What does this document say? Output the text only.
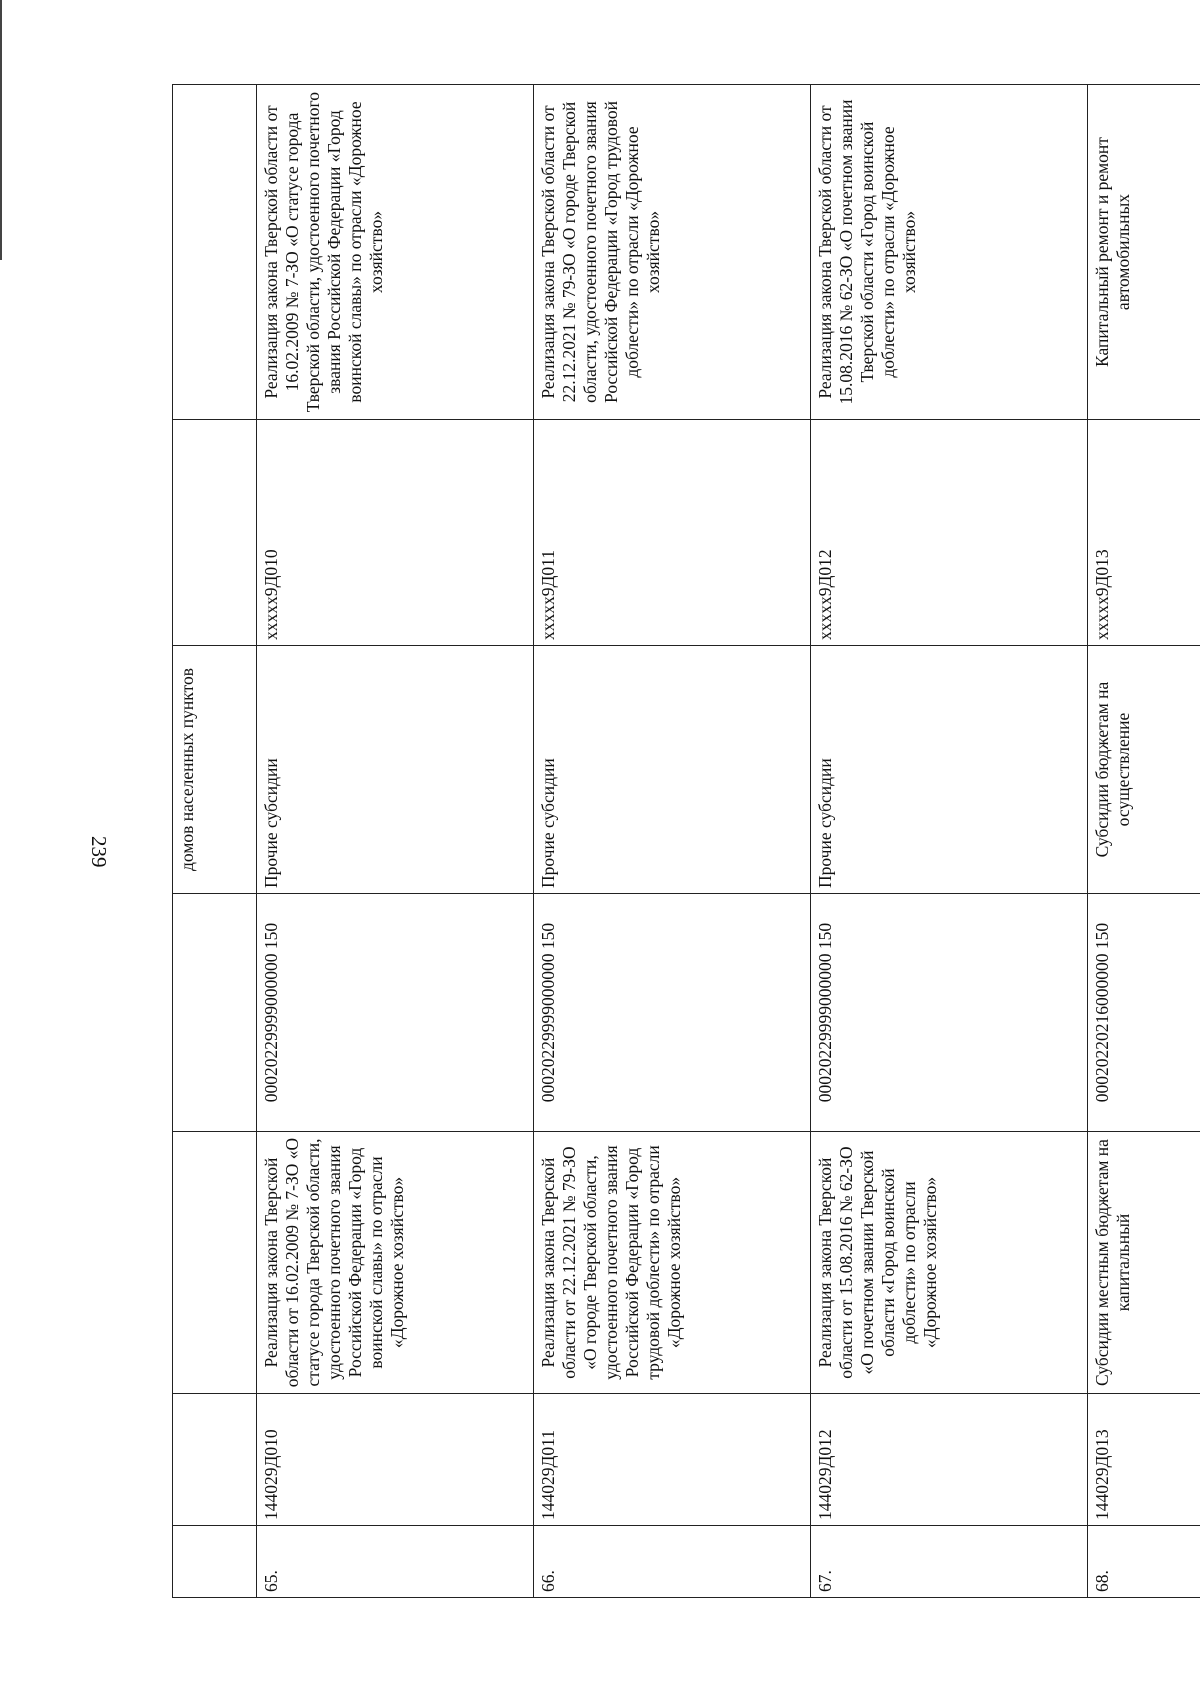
239
					домов населенных пунктов		
65.	144029Д010	Реализация закона Тверской области от 16.02.2009 № 7-ЗО «О статусе города Тверской области, удостоенного почетного звания Российской Федерации «Город воинской славы» по отрасли «Дорожное хозяйство»	00020229999000000 150	Прочие субсидии	xxxxx9Д010	Реализация закона Тверской области от 16.02.2009 № 7-ЗО «О статусе города Тверской области, удостоенного почетного звания Российской Федерации «Город воинской славы» по отрасли «Дорожное хозяйство»
66.	144029Д011	Реализация закона Тверской области от 22.12.2021 № 79-ЗО «О городе Тверской области, удостоенного почетного звания Российской Федерации «Город трудовой доблести» по отрасли «Дорожное хозяйство»	00020229999000000 150	Прочие субсидии	xxxxx9Д011	Реализация закона Тверской области от 22.12.2021 № 79-ЗО «О городе Тверской области, удостоенного почетного звания Российской Федерации «Город трудовой доблести» по отрасли «Дорожное хозяйство»
67.	144029Д012	Реализация закона Тверской области от 15.08.2016 № 62-ЗО «О почетном звании Тверской области «Город воинской доблести» по отрасли «Дорожное хозяйство»	00020229999000000 150	Прочие субсидии	xxxxx9Д012	Реализация закона Тверской области от 15.08.2016 № 62-ЗО «О почетном звании Тверской области «Город воинской доблести» по отрасли «Дорожное хозяйство»
68.	144029Д013	Субсидии местным бюджетам на капитальный	00020220216000000 150	Субсидии бюджетам на осуществление	xxxxx9Д013	Капитальный ремонт и ремонт автомобильных
